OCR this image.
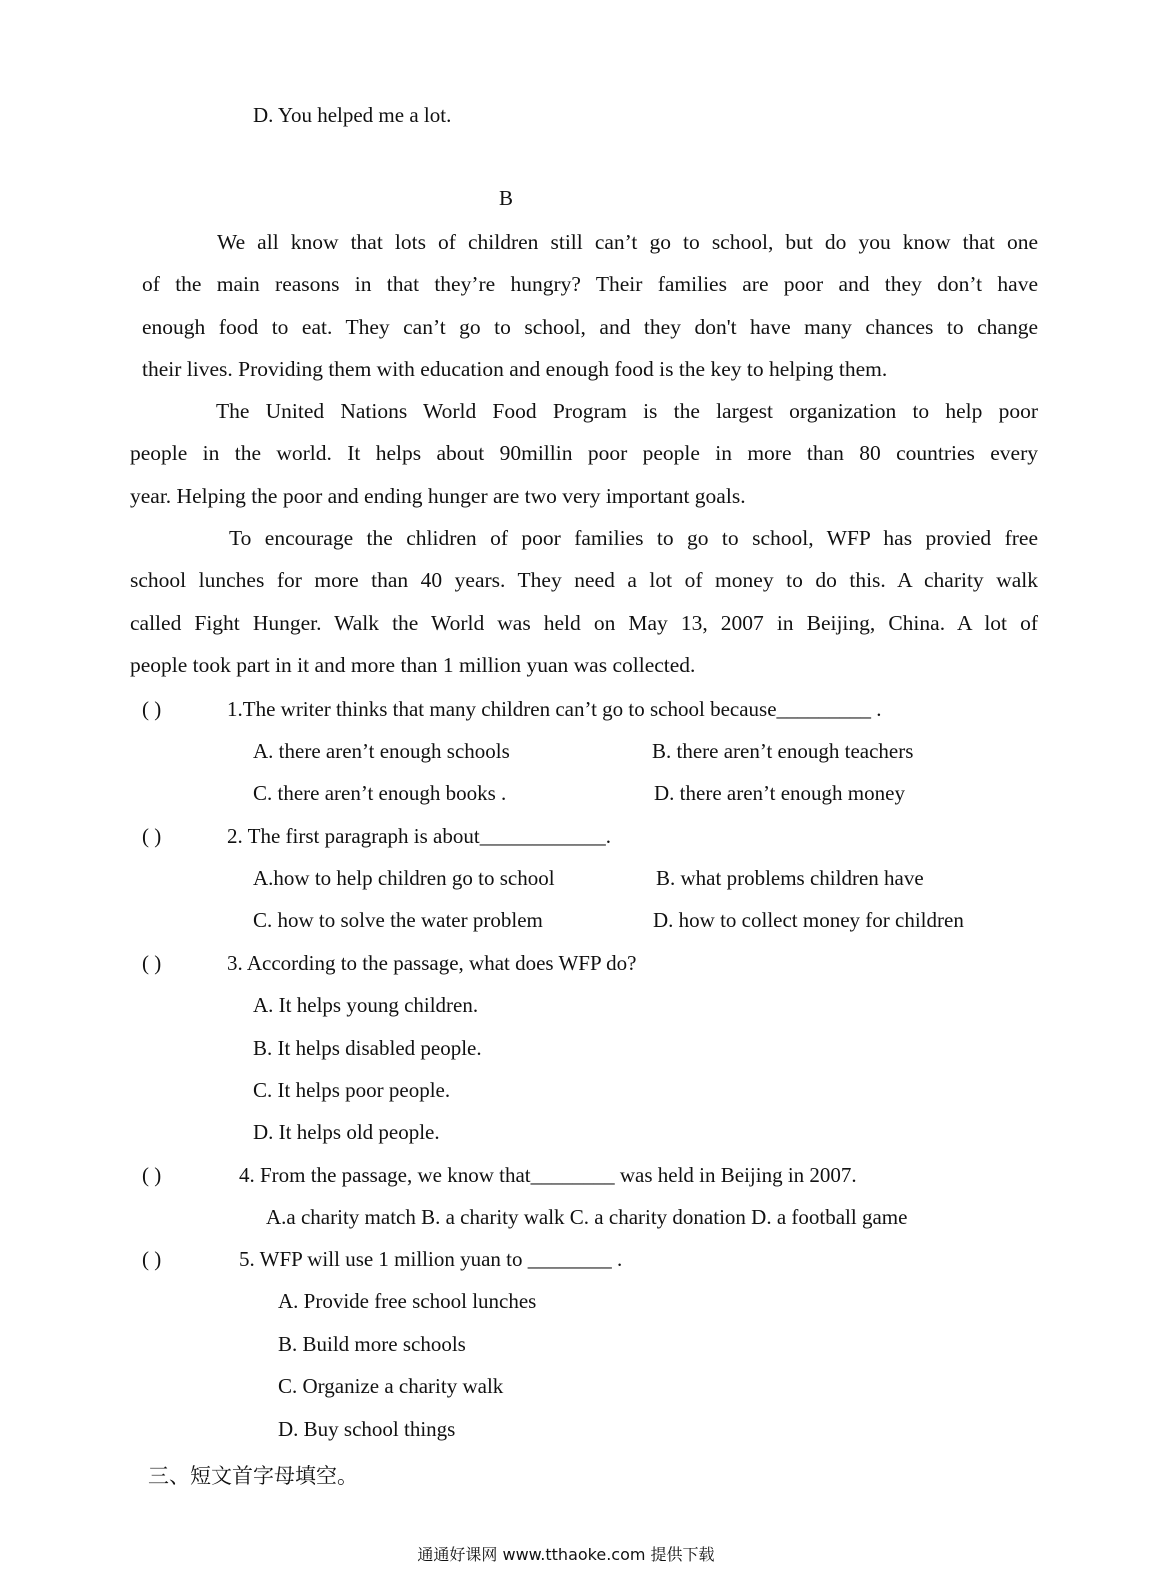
D. You helped me a lot.
B
We all know that lots of children still can’t go to school, but do you know that one
of the main reasons in that they’re hungry? Their families are poor and they don’t have
enough food to eat. They can’t go to school, and they don't have many chances to change
their lives. Providing them with education and enough food is the key to helping them.
The United Nations World Food Program is the largest organization to help poor
people in the world. It helps about 90millin poor people in more than 80 countries every
year. Helping the poor and ending hunger are two very important goals.
To encourage the chlidren of poor families to go to school, WFP has provied free
school lunches for more than 40 years. They need a lot of money to do this. A charity walk
called Fight Hunger. Walk the World was held on May 13, 2007 in Beijing, China. A lot of
people took part in it and more than 1 million yuan was collected.
( )	1.The writer thinks that many children can’t go to school because_________ .
A. there aren’t enough schools	B. there aren’t enough teachers
C. there aren’t enough books .	D. there aren’t enough money
( )	2. The first paragraph is about____________.
A.how to help children go to school	B. what problems children have
C. how to solve the water problem	D. how to collect money for children
( )	3. According to the passage, what does WFP do?
A. It helps young children.
B. It helps disabled people.
C. It helps poor people.
D. It helps old people.
( )	4. From the passage, we know that________ was held in Beijing in 2007.
A.a charity match B. a charity walk C. a charity donation D. a football game
( )	5. WFP will use 1 million yuan to ________ .
A. Provide free school lunches
B. Build more schools
C. Organize a charity walk
D. Buy school things
三、短文首字母填空。
通通好课网 www.tthaoke.com 提供下载
